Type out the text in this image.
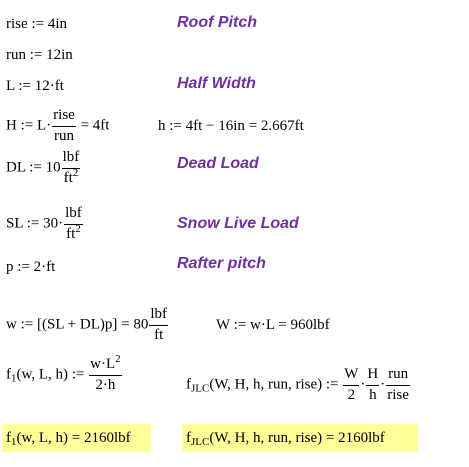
rise := 4in	Roof Pitch
run := 12in
L := 12·ft	Half Width
H := $L\cdot \frac{\text{rise}}{\text{run}} = 4ft$	h := 4ft − 16in = 2.667ft
DL := $10 \frac{\text{lbf}}{ft^2}$	Dead Load
SL := $30\cdot \frac{\text{lbf}}{ft^2}$	Snow Live Load
p := 2·ft	Rafter pitch
w := $[(SL + DL)p] = 80 \frac{\text{lbf}}{ft}$	W := w·L = 960lbf
$f_1(w$, L, h) := $\frac{w\cdot L^2}{2\cdot h}$	$f_{JLC}(W$, H, h, run, rise) := $\frac{W}{2} \cdot \frac{H}{h} \cdot \frac{\text{run}}{\text{rise}}$
$f_1(w$, L, h) = 2160lbf	$f_{JLC}(W$, H, h, run, rise) = 2160lbf
